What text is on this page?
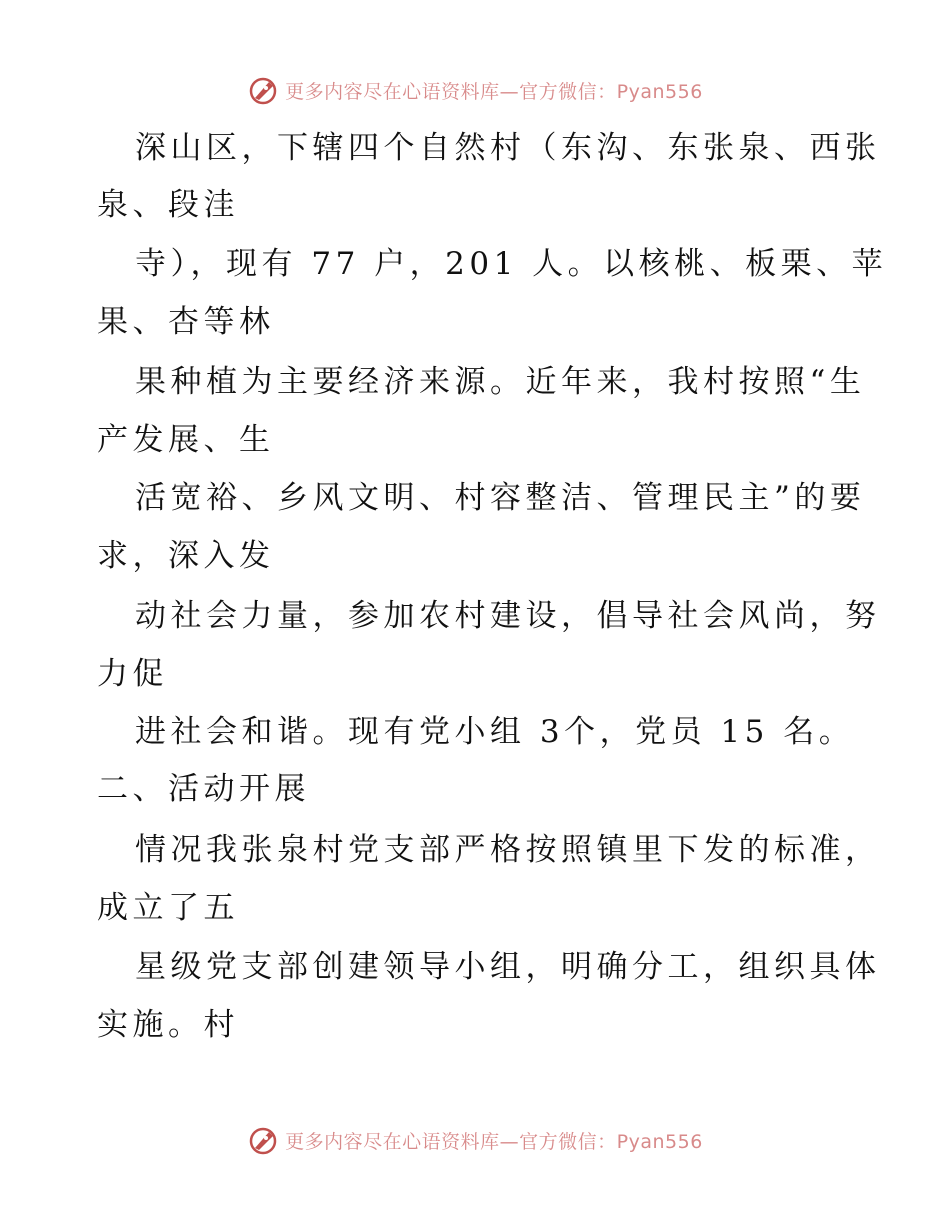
更多内容尽在心语资料库—官方微信：Pyan556
深山区，下辖四个自然村（东沟、东张泉、西张
泉、段洼
寺），现有 77 户，201 人。以核桃、板栗、苹
果、杏等林
果种植为主要经济来源。近年来，我村按照“生
产发展、生
活宽裕、乡风文明、村容整洁、管理民主”的要
求，深入发
动社会力量，参加农村建设，倡导社会风尚，努
力促
进社会和谐。现有党小组 3个，党员 15 名。
二、活动开展
情况我张泉村党支部严格按照镇里下发的标准，
成立了五
星级党支部创建领导小组，明确分工，组织具体
实施。村
更多内容尽在心语资料库—官方微信：Pyan556
